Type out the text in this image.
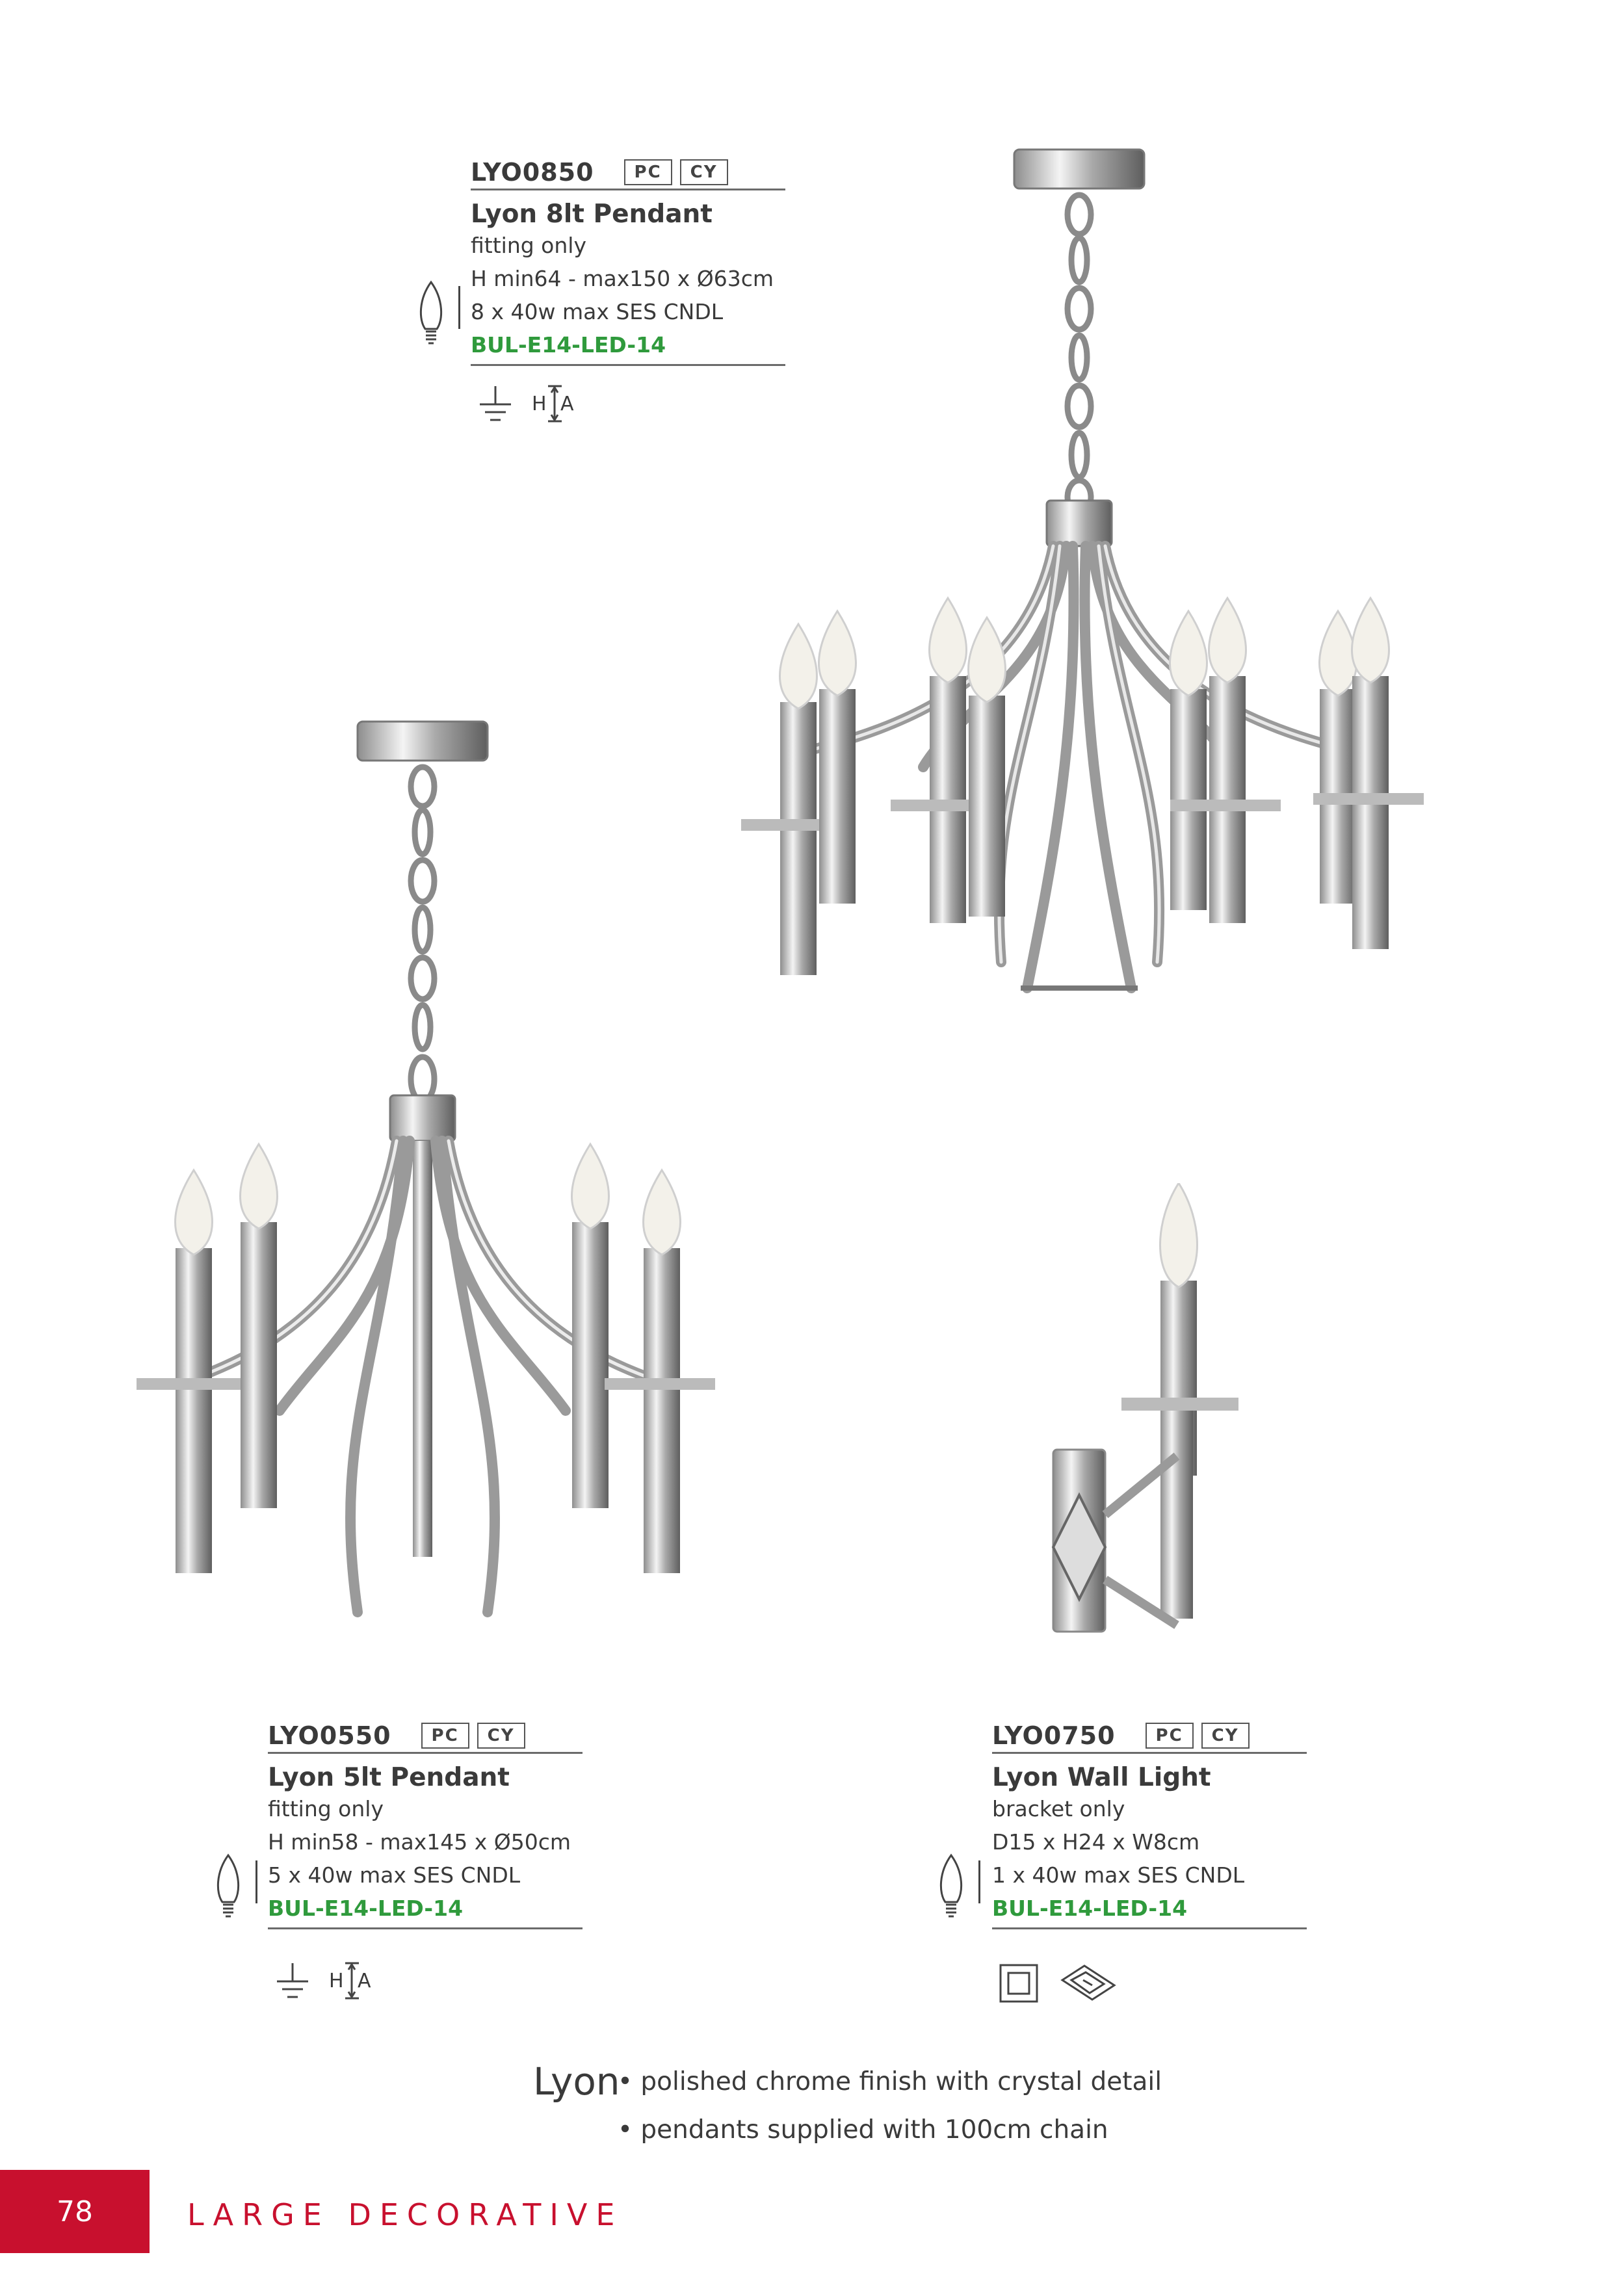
LYO0850	PC	CY
Lyon 8lt Pendant
fitting only
H min64 - max150 x Ø63cm
8 x 40w max SES CNDL
BUL-E14-LED-14
H A
LYO0550	PC	CY
Lyon 5lt Pendant
fitting only
H min58 - max145 x Ø50cm
5 x 40w max SES CNDL
BUL-E14-LED-14
H A
LYO0750	PC	CY
Lyon Wall Light
bracket only
D15 x H24 x W8cm
1 x 40w max SES CNDL
BUL-E14-LED-14
Lyon
• polished chrome finish with crystal detail
• pendants supplied with 100cm chain
78	LARGE DECORATIVE
